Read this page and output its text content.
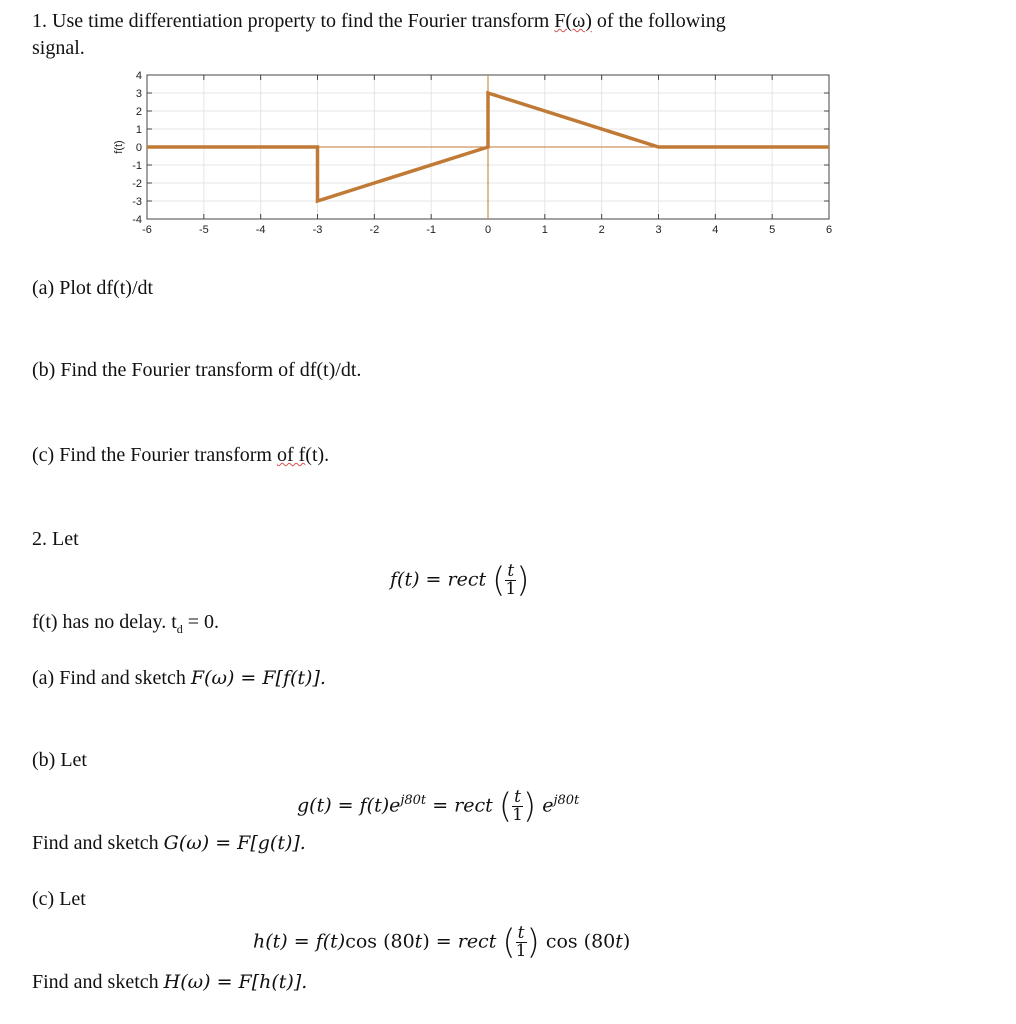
1. Use time differentiation property to find the Fourier transform F(ω) of the following
signal.
-6	-5	-4	-3	-2	-1	0	1	2	3	4	5	6
4
3
2
1
0
-1
-2
-3
-4
f(t)
(a) Plot df(t)/dt
(b) Find the Fourier transform of df(t)/dt.
(c) Find the Fourier transform of f(t).
2. Let
f(t) = rect ( $\frac{t}{1}$ )
f(t) has no delay. $t_d = 0$.
(a) Find and sketch F(ω) = F[f(t)].
(b) Let
$g(t) = f(t)e^{j80t}$ = rect ( $\frac{t}{1}$ ) $e^{j80t}$
Find and sketch G(ω) = F[g(t)].
(c) Let
h(t) = f(t)cos (80t) = rect ( $\frac{t}{1}$ ) cos (80t)
Find and sketch H(ω) = F[h(t)].
